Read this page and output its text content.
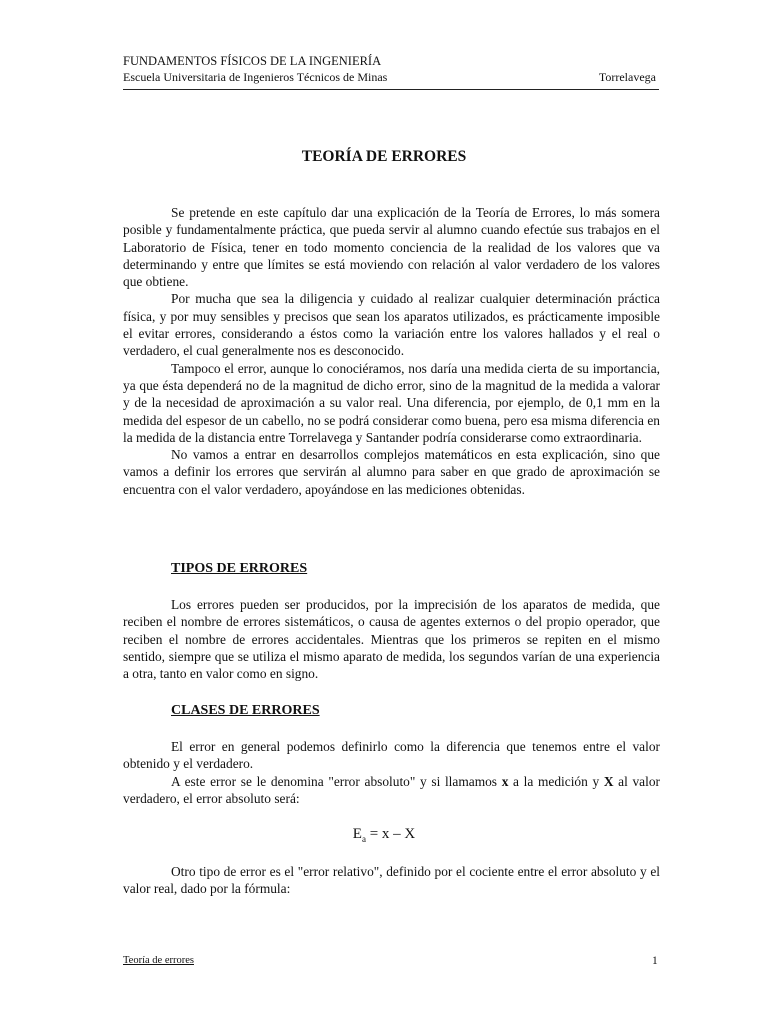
FUNDAMENTOS FÍSICOS DE LA INGENIERÍA
Escuela Universitaria de Ingenieros Técnicos de Minas	Torrelavega
TEORÍA DE ERRORES

Se pretende en este capítulo dar una explicación de la Teoría de Errores, lo más somera posible y fundamentalmente práctica, que pueda servir al alumno cuando efectúe sus trabajos en el Laboratorio de Física, tener en todo momento conciencia de la realidad de los valores que va determinando y entre que límites se está moviendo con relación al valor verdadero de los valores que obtiene.

Por mucha que sea la diligencia y cuidado al realizar cualquier determinación práctica física, y por muy sensibles y precisos que sean los aparatos utilizados, es prácticamente imposible el evitar errores, considerando a éstos como la variación entre los valores hallados y el real o verdadero, el cual generalmente nos es desconocido.

Tampoco el error, aunque lo conociéramos, nos daría una medida cierta de su importancia, ya que ésta dependerá no de la magnitud de dicho error, sino de la magnitud de la medida a valorar y de la necesidad de aproximación a su valor real. Una diferencia, por ejemplo, de 0,1 mm en la medida del espesor de un cabello, no se podrá considerar como buena, pero esa misma diferencia en la medida de la distancia entre Torrelavega y Santander podría considerarse como extraordinaria.

No vamos a entrar en desarrollos complejos matemáticos en esta explicación, sino que vamos a definir los errores que servirán al alumno para saber en que grado de aproximación se encuentra con el valor verdadero, apoyándose en las mediciones obtenidas.

TIPOS DE ERRORES

Los errores pueden ser producidos, por la imprecisión de los aparatos de medida, que reciben el nombre de errores sistemáticos, o causa de agentes externos o del propio operador, que reciben el nombre de errores accidentales. Mientras que los primeros se repiten en el mismo sentido, siempre que se utiliza el mismo aparato de medida, los segundos varían de una experiencia a otra, tanto en valor como en signo.

CLASES DE ERRORES

El error en general podemos definirlo como la diferencia que tenemos entre el valor obtenido y el verdadero.

A este error se le denomina "error absoluto" y si llamamos x a la medición y X al valor verdadero, el error absoluto será:

$E_a = x - X$

Otro tipo de error es el "error relativo", definido por el cociente entre el error absoluto y el valor real, dado por la fórmula:

Teoría de errores	1
